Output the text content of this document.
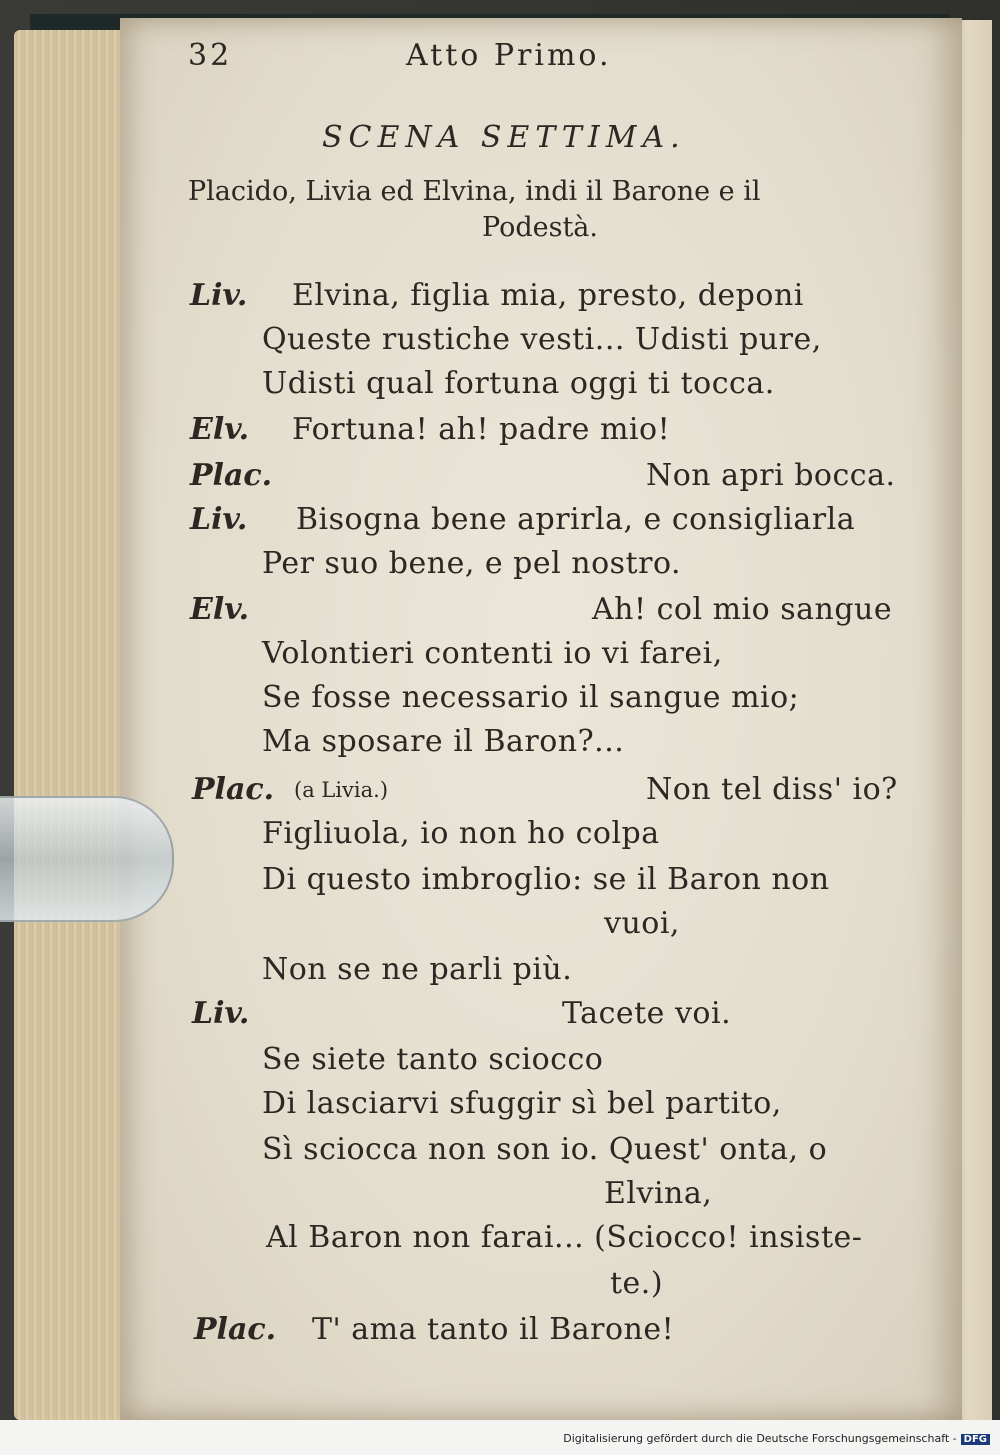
32	Atto Primo.
SCENA SETTIMA.
Placido, Livia ed Elvina, indi il Barone e il
Podestà.
Liv. Elvina, figlia mia, presto, deponi
Queste rustiche vesti... Udisti pure,
Udisti qual fortuna oggi ti tocca.
Elv. Fortuna! ah! padre mio!
Plac.	Non apri bocca.
Liv. Bisogna bene aprirla, e consigliarla
Per suo bene, e pel nostro.
Elv.	Ah! col mio sangue
Volontieri contenti io vi farei,
Se fosse necessario il sangue mio;
Ma sposare il Baron?...
Plac. (a Livia.)	Non tel diss' io?
Figliuola, io non ho colpa
Di questo imbroglio: se il Baron non
vuoi,
Non se ne parli più.
Liv.	Tacete voi.
Se siete tanto sciocco
Di lasciarvi sfuggir sì bel partito,
Sì sciocca non son io. Quest' onta, o
Elvina,
Al Baron non farai... (Sciocco! insiste-
te.)
Plac. T' ama tanto il Barone!
Digitalisierung gefördert durch die Deutsche Forschungsgemeinschaft - DFG
